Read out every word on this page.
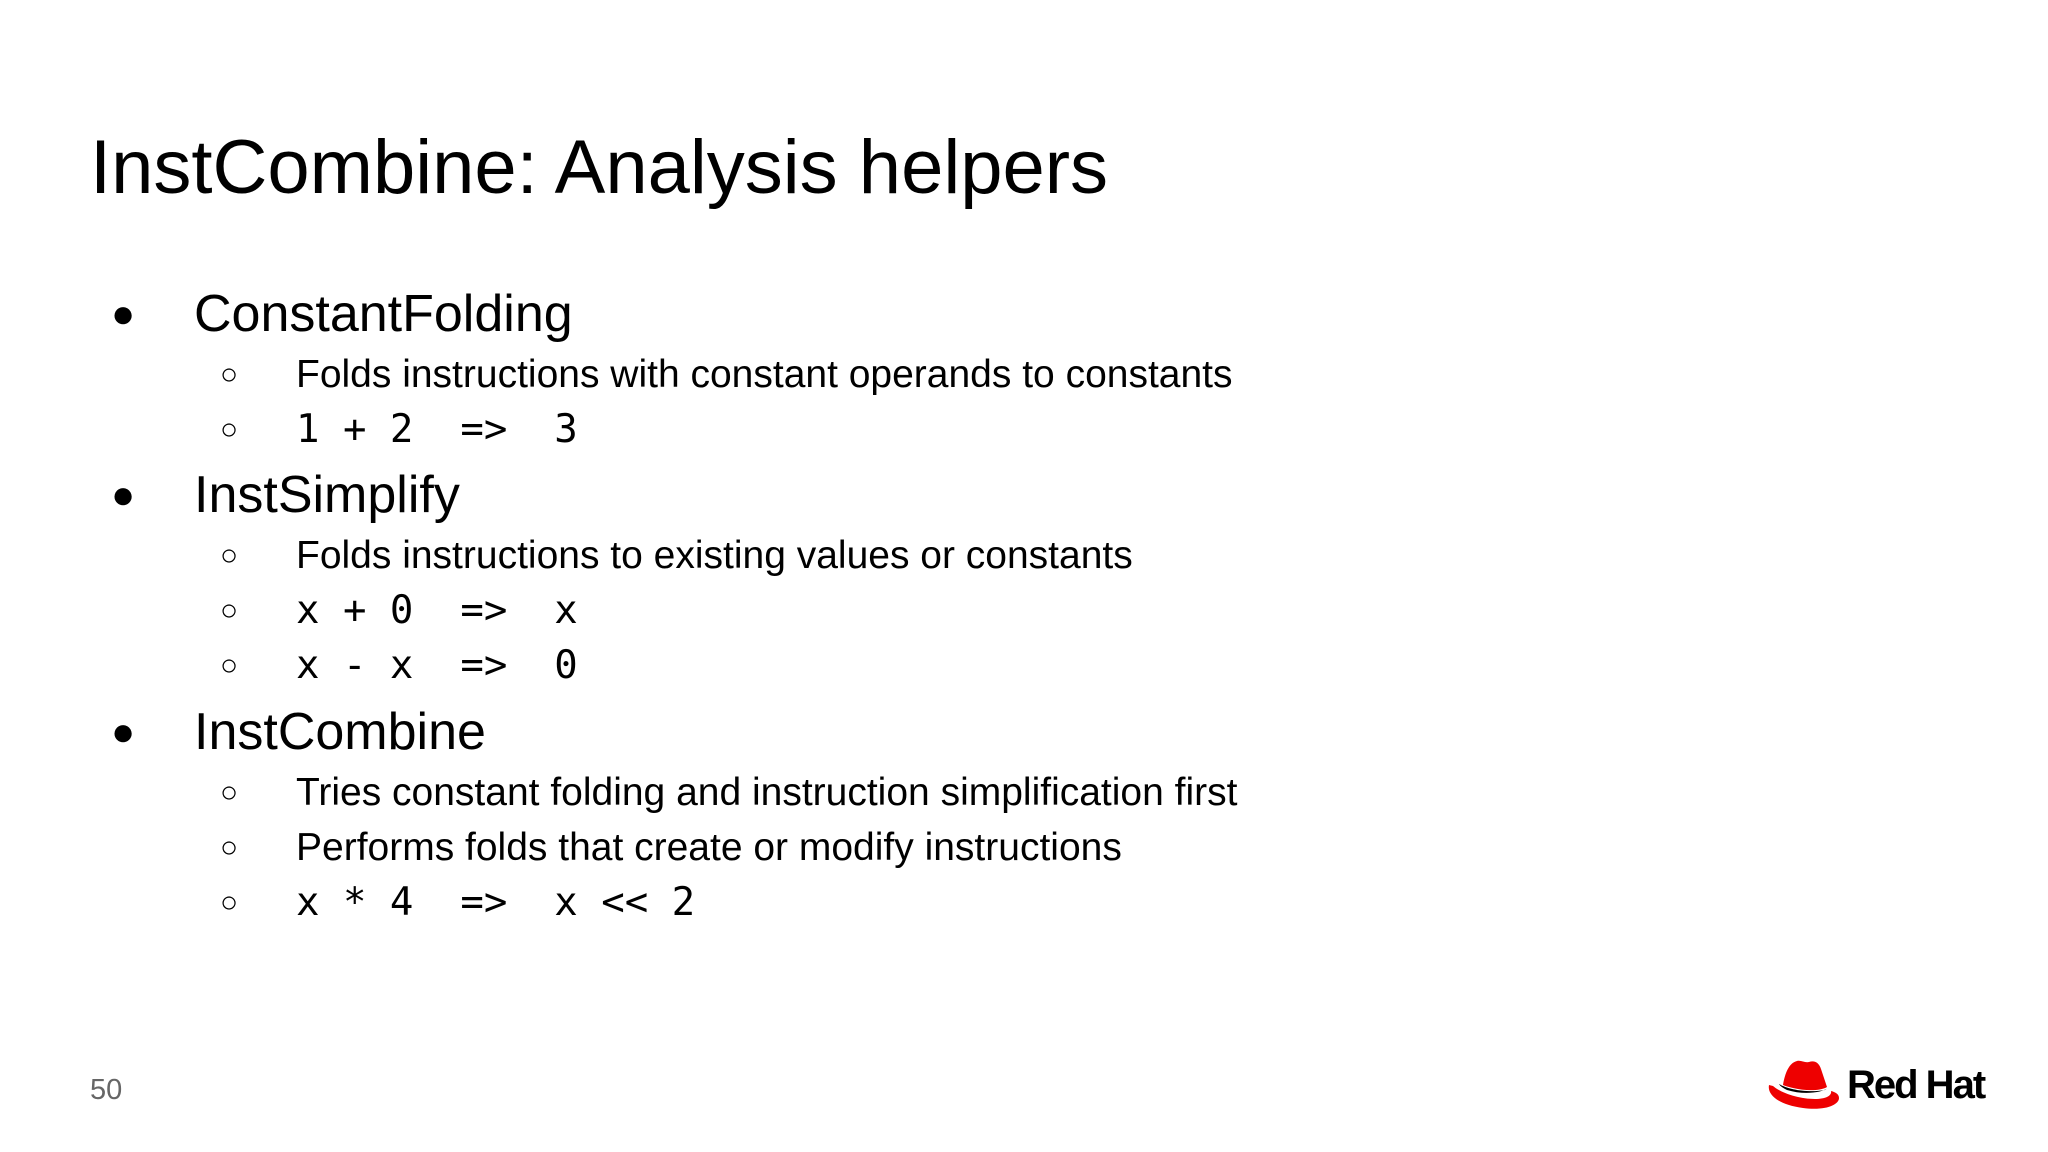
InstCombine: Analysis helpers
● ConstantFolding
○	Folds instructions with constant operands to constants
○	1 + 2  =>  3
● InstSimplify
○	Folds instructions to existing values or constants
○	x + 0  =>  x
○	x - x  =>  0
● InstCombine
○	Tries constant folding and instruction simplification first
○	Performs folds that create or modify instructions
○	x * 4  =>  x << 2
50	Red Hat
